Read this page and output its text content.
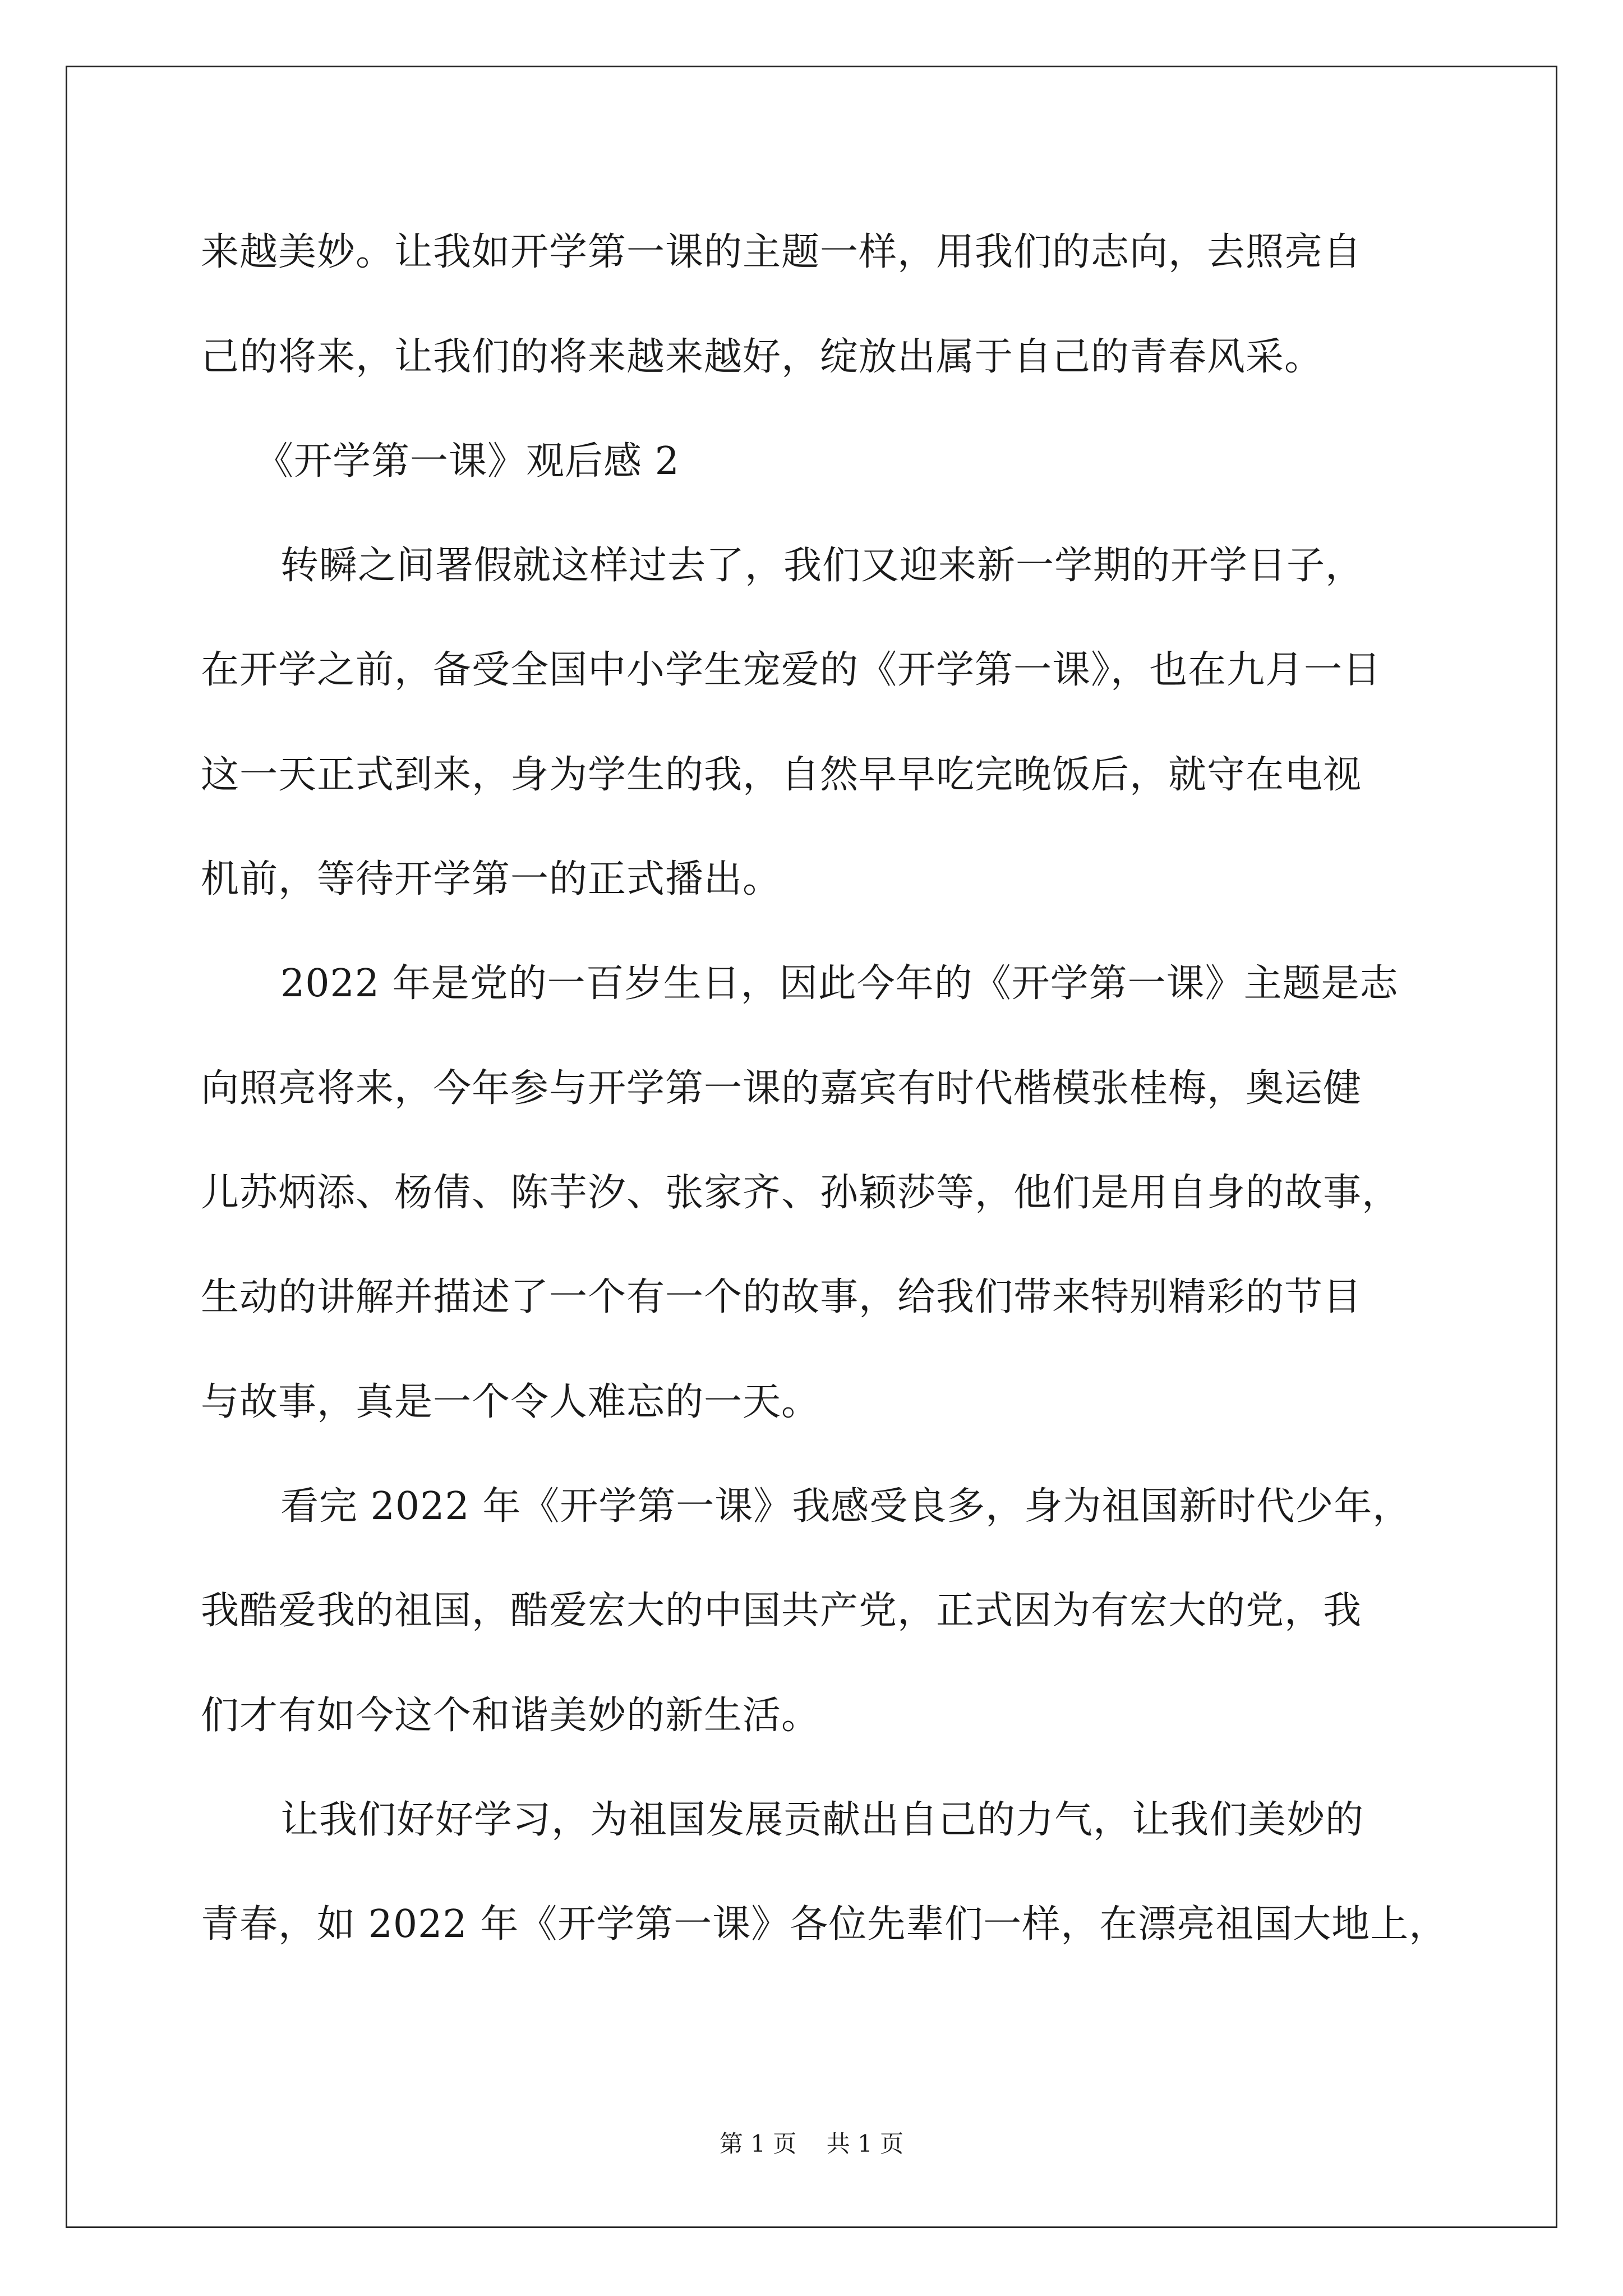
来越美妙。让我如开学第一课的主题一样，用我们的志向，去照亮自
己的将来，让我们的将来越来越好，绽放出属于自己的青春风采。
《开学第一课》观后感 2
转瞬之间署假就这样过去了，我们又迎来新一学期的开学日子，
在开学之前，备受全国中小学生宠爱的《开学第一课》，也在九月一日
这一天正式到来，身为学生的我，自然早早吃完晚饭后，就守在电视
机前，等待开学第一的正式播出。
2022 年是党的一百岁生日，因此今年的《开学第一课》主题是志
向照亮将来，今年参与开学第一课的嘉宾有时代楷模张桂梅，奥运健
儿苏炳添、杨倩、陈芋汐、张家齐、孙颖莎等，他们是用自身的故事，
生动的讲解并描述了一个有一个的故事，给我们带来特别精彩的节目
与故事，真是一个令人难忘的一天。
看完 2022 年《开学第一课》我感受良多，身为祖国新时代少年，
我酷爱我的祖国，酷爱宏大的中国共产党，正式因为有宏大的党，我
们才有如今这个和谐美妙的新生活。
让我们好好学习，为祖国发展贡献出自己的力气，让我们美妙的
青春，如 2022 年《开学第一课》各位先辈们一样，在漂亮祖国大地上，
第 1 页    共 1 页
